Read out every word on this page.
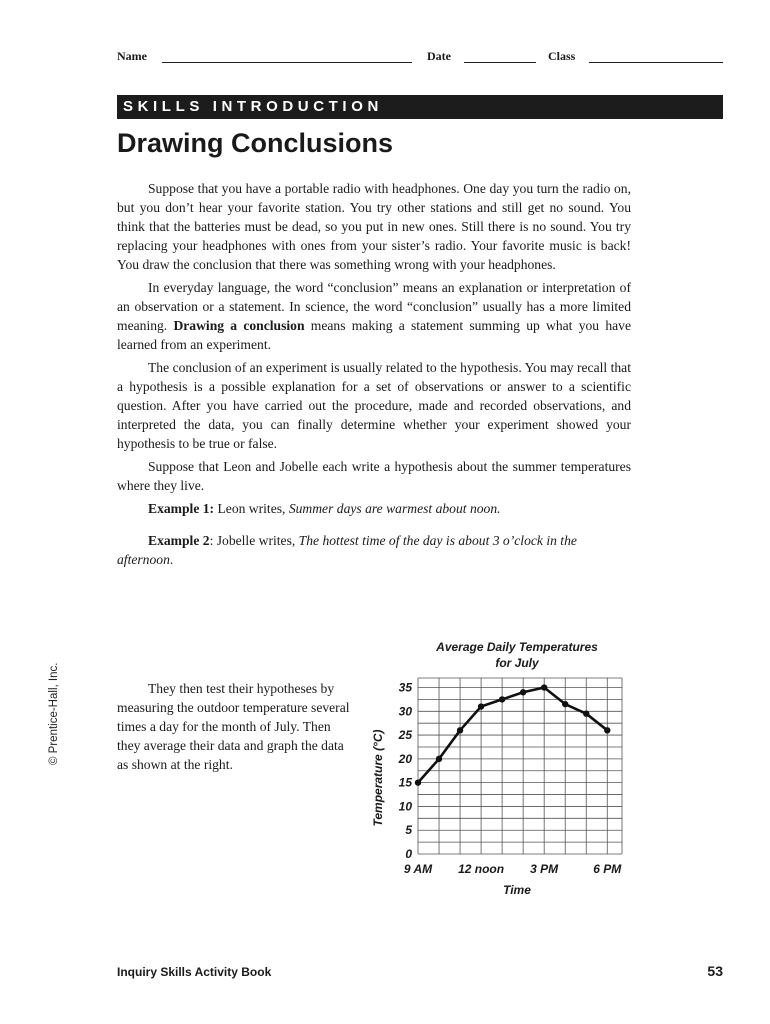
Name	Date	Class
SKILLS INTRODUCTION
Drawing Conclusions

Suppose that you have a portable radio with headphones. One day you turn the radio on, but you don’t hear your favorite station. You try other stations and still get no sound. You think that the batteries must be dead, so you put in new ones. Still there is no sound. You try replacing your headphones with ones from your sister’s radio. Your favorite music is back! You draw the conclusion that there was something wrong with your headphones.

In everyday language, the word “conclusion” means an explanation or interpretation of an observation or a statement. In science, the word “conclusion” usually has a more limited meaning. Drawing a conclusion means making a statement summing up what you have learned from an experiment.

The conclusion of an experiment is usually related to the hypothesis. You may recall that a hypothesis is a possible explanation for a set of observations or answer to a scientific question. After you have carried out the procedure, made and recorded observations, and interpreted the data, you can finally determine whether your experiment showed your hypothesis to be true or false.

Suppose that Leon and Jobelle each write a hypothesis about the summer temperatures where they live.

Example 1: Leon writes, Summer days are warmest about noon.

Example 2: Jobelle writes, The hottest time of the day is about 3 o’clock in the afternoon.

They then test their hypotheses by measuring the outdoor temperature several times a day for the month of July. Then they average their data and graph the data as shown at the right.

© Prentice-Hall, Inc.
Average Daily Temperatures
for July
0
5
10
15
20
25
30
35
9 AM 12 noon 3 PM	6 PM
Time
Temperature (°C)
Inquiry Skills Activity Book	53
